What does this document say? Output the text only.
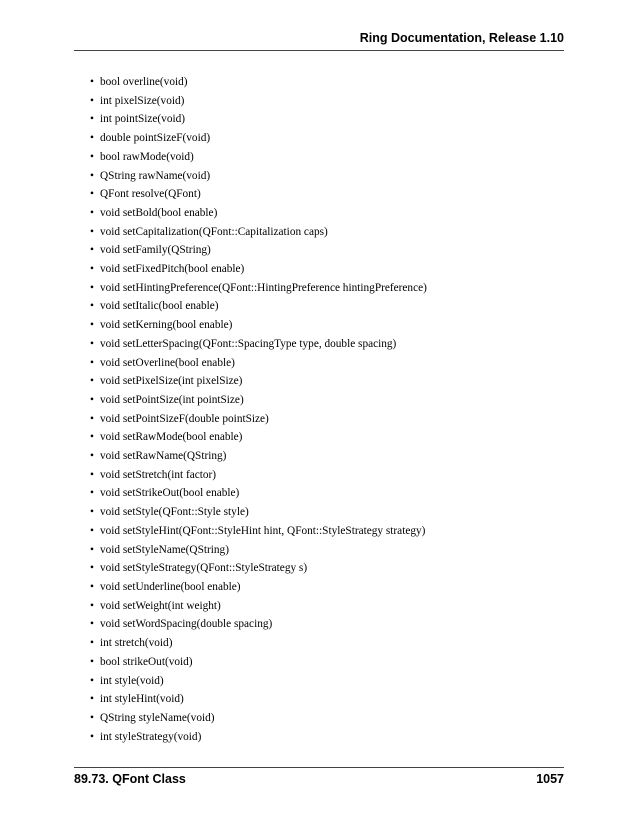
Ring Documentation, Release 1.10
• bool overline(void)
• int pixelSize(void)
• int pointSize(void)
• double pointSizeF(void)
• bool rawMode(void)
• QString rawName(void)
• QFont resolve(QFont)
• void setBold(bool enable)
• void setCapitalization(QFont::Capitalization caps)
• void setFamily(QString)
• void setFixedPitch(bool enable)
• void setHintingPreference(QFont::HintingPreference hintingPreference)
• void setItalic(bool enable)
• void setKerning(bool enable)
• void setLetterSpacing(QFont::SpacingType type, double spacing)
• void setOverline(bool enable)
• void setPixelSize(int pixelSize)
• void setPointSize(int pointSize)
• void setPointSizeF(double pointSize)
• void setRawMode(bool enable)
• void setRawName(QString)
• void setStretch(int factor)
• void setStrikeOut(bool enable)
• void setStyle(QFont::Style style)
• void setStyleHint(QFont::StyleHint hint, QFont::StyleStrategy strategy)
• void setStyleName(QString)
• void setStyleStrategy(QFont::StyleStrategy s)
• void setUnderline(bool enable)
• void setWeight(int weight)
• void setWordSpacing(double spacing)
• int stretch(void)
• bool strikeOut(void)
• int style(void)
• int styleHint(void)
• QString styleName(void)
• int styleStrategy(void)
89.73. QFont Class	1057
